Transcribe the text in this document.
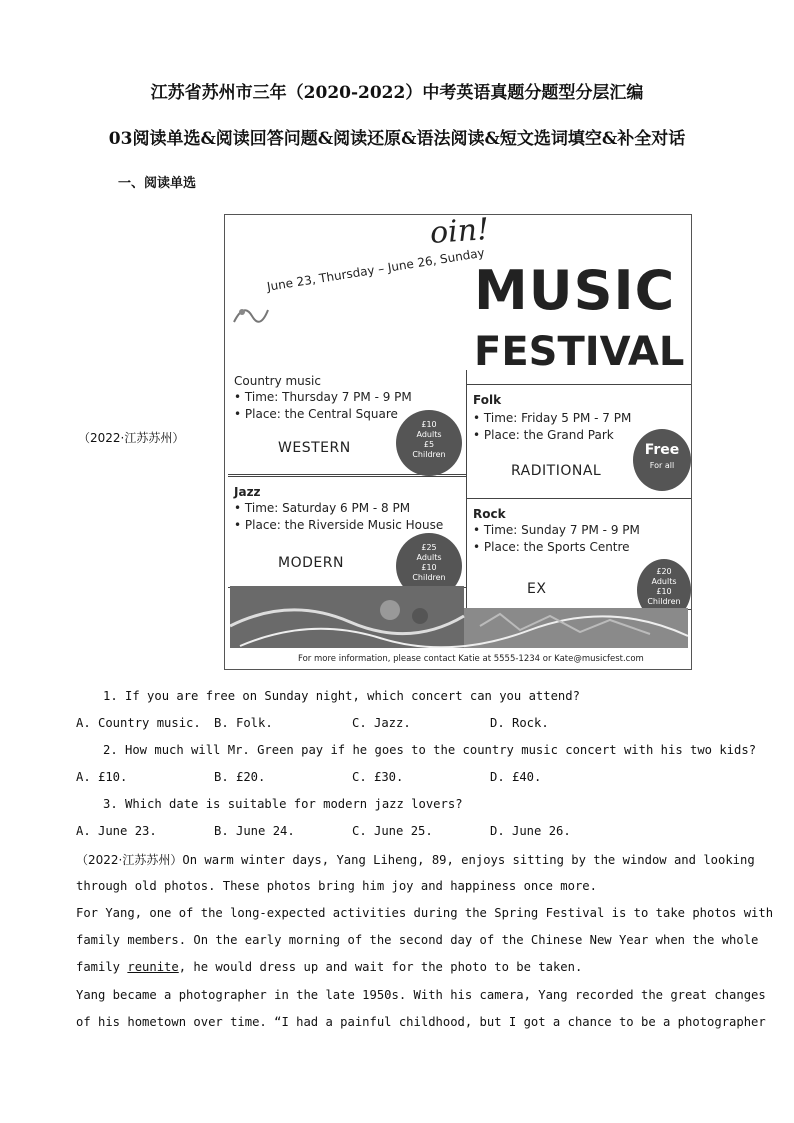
江苏省苏州市三年（2020-2022）中考英语真题分题型分层汇编
03阅读单选&阅读回答问题&阅读还原&语法阅读&短文选词填空&补全对话
一、阅读单选
（2022·江苏苏州）
oin!
June 23, Thursday – June 26, Sunday
MUSIC
FESTIVAL
Country music
• Time: Thursday 7 PM - 9 PM
• Place: the Central Square
WESTERN
£10
Adults
£5
Children
Folk
• Time: Friday 5 PM - 7 PM
• Place: the Grand Park
RADITIONAL
Free
For all
Jazz
• Time: Saturday 6 PM - 8 PM
• Place: the Riverside Music House
MODERN
£25
Adults
£10
Children
Rock
• Time: Sunday 7 PM - 9 PM
• Place: the Sports Centre
EX
£20
Adults
£10
Children
For more information, please contact Katie at 5555-1234 or Kate@musicfest.com
1. If you are free on Sunday night, which concert can you attend?
A. Country music. B. Folk.	C. Jazz.	D. Rock.
2. How much will Mr. Green pay if he goes to the country music concert with his two kids?
A. £10.	B. £20.	C. £30.	D. £40.
3. Which date is suitable for modern jazz lovers?
A. June 23.	B. June 24.	C. June 25.	D. June 26.
（2022·江苏苏州）On warm winter days, Yang Liheng, 89, enjoys sitting by the window and looking
through old photos. These photos bring him joy and happiness once more.
For Yang, one of the long-expected activities during the Spring Festival is to take photos with
family members. On the early morning of the second day of the Chinese New Year when the whole
family reunite, he would dress up and wait for the photo to be taken.
Yang became a photographer in the late 1950s. With his camera, Yang recorded the great changes
of his hometown over time. “I had a painful childhood, but I got a chance to be a photographer
